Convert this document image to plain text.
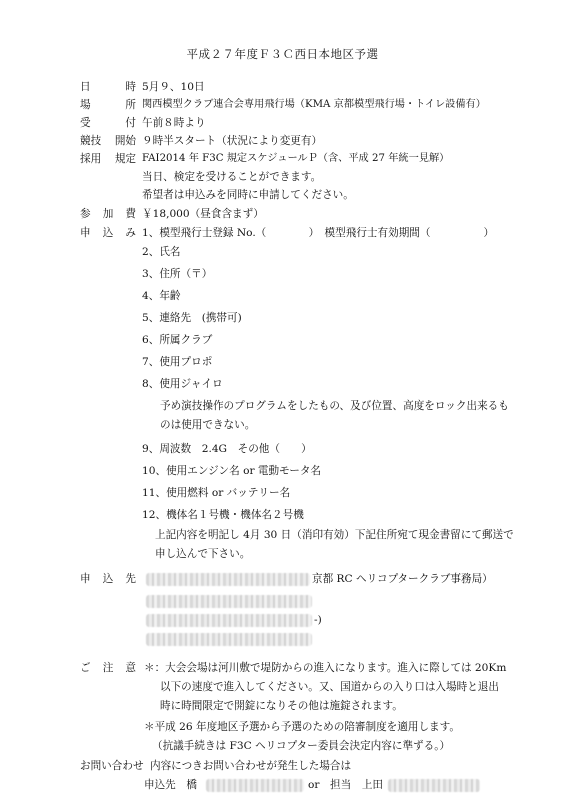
平成２７年度Ｆ３Ｃ西日本地区予選
日	時 5月９、10日
場	所 関西模型クラブ連合会専用飛行場（KMA 京都模型飛行場・トイレ設備有）
受	付 午前８時より
競技 開始 ９時半スタート（状況により変更有）
採用 規定 FAI2014 年 F3C 規定スケジュールＰ（含、平成 27 年統一見解）
当日、検定を受けることができます。
希望者は申込みを同時に申請してください。
参 加 費 ￥18,000（昼食含まず）
申 込 み 1、模型飛行士登録 No.（　　　　）　模型飛行士有効期間（　　　　　）
2、氏名
3、住所（〒）
4、年齢
5、連絡先　(携帯可)
6、所属クラブ
7、使用プロポ
8、使用ジャイロ
予め演技操作のプログラムをしたもの、及び位置、高度をロック出来るも
のは使用できない。
9、周波数　2.4G　その他（　　）
10、使用エンジン名 or 電動モータ名
11、使用燃料 or バッテリー名
12、機体名１号機・機体名２号機
上記内容を明記し 4月 30 日（消印有効）下記住所宛て現金書留にて郵送で
申し込んで下さい。
申 込 先	京都 RC ヘリコプタークラブ事務局）
-)
ご 注 意 ＊：大会会場は河川敷で堤防からの進入になります。進入に際しては 20Km
以下の速度で進入してください。又、国道からの入り口は入場時と退出
時に時間限定で開錠になりその他は施錠されます。
＊平成 26 年度地区予選から予選のための陪審制度を適用します。
（抗議手続きは F3C ヘリコプター委員会決定内容に準ずる。）
お問い合わせ 内容につきお問い合わせが発生した場合は
申込先　橋	or　担当　上田
